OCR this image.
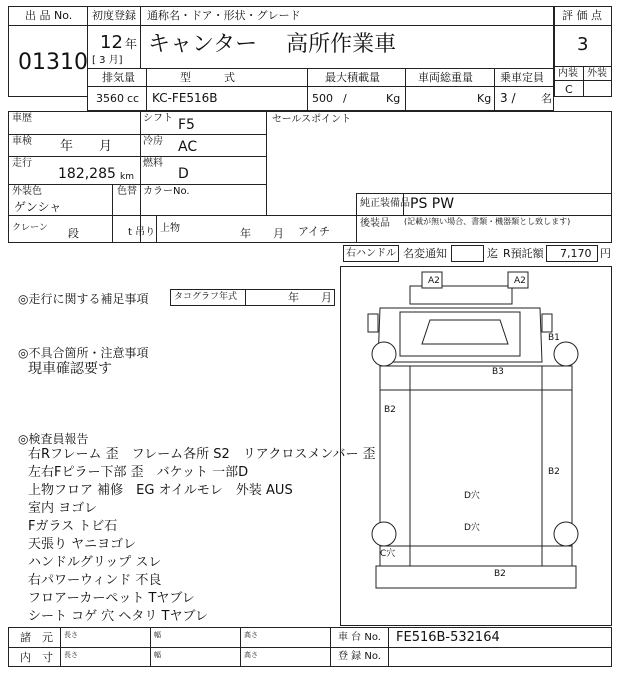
出 品 No.
01310
初度登録 通称名・ドア・形状・グレード
12 年
[ 3 月]
キャンター　 高所作業車
評 価 点
3
内装 外装
C
排気量	型　　　式	最大積載量	車両総重量 乗車定員
3560 cc KC-FE516B	500 /	Kg	Kg 3 / 名
車歴	シフト F5	セールスポイント
車検 年　　月	冷房 AC
走行
182,285 km
燃料
D
外装色
ゲンシャ
色替 カラーNo.
純正装備品 PS PW
後装品 (記載が無い場合、書類・機器類とし致します)
クレーン 段	t 吊り 上物	年　　月 アイチ
右ハンドル 名変通知	迄 R預託額 7,170 円
◎走行に関する補足事項	タコグラフ年式	年　　月
◎不具合箇所・注意事項
現車確認要す
◎検査員報告
右Rフレーム 歪　フレーム各所 S2　リアクロスメンバー 歪
左右Fピラー下部 歪　バケット 一部D
上物フロア 補修　EG オイルモレ　外装 AUS
室内 ヨゴレ
Fガラス トビ石
天張り ヤニヨゴレ
ハンドルグリップ スレ
右パワーウィンド 不良
フロアーカーペット Tヤブレ
シート コゲ 穴 ヘタリ Tヤブレ
A2	A2
B1
B3
B2
B2
D穴
D穴
C穴
B2
諸　元 長さ	幅	高さ
内　寸 長さ	幅	高さ
車 台 No. FE516B-532164
登 録 No.
